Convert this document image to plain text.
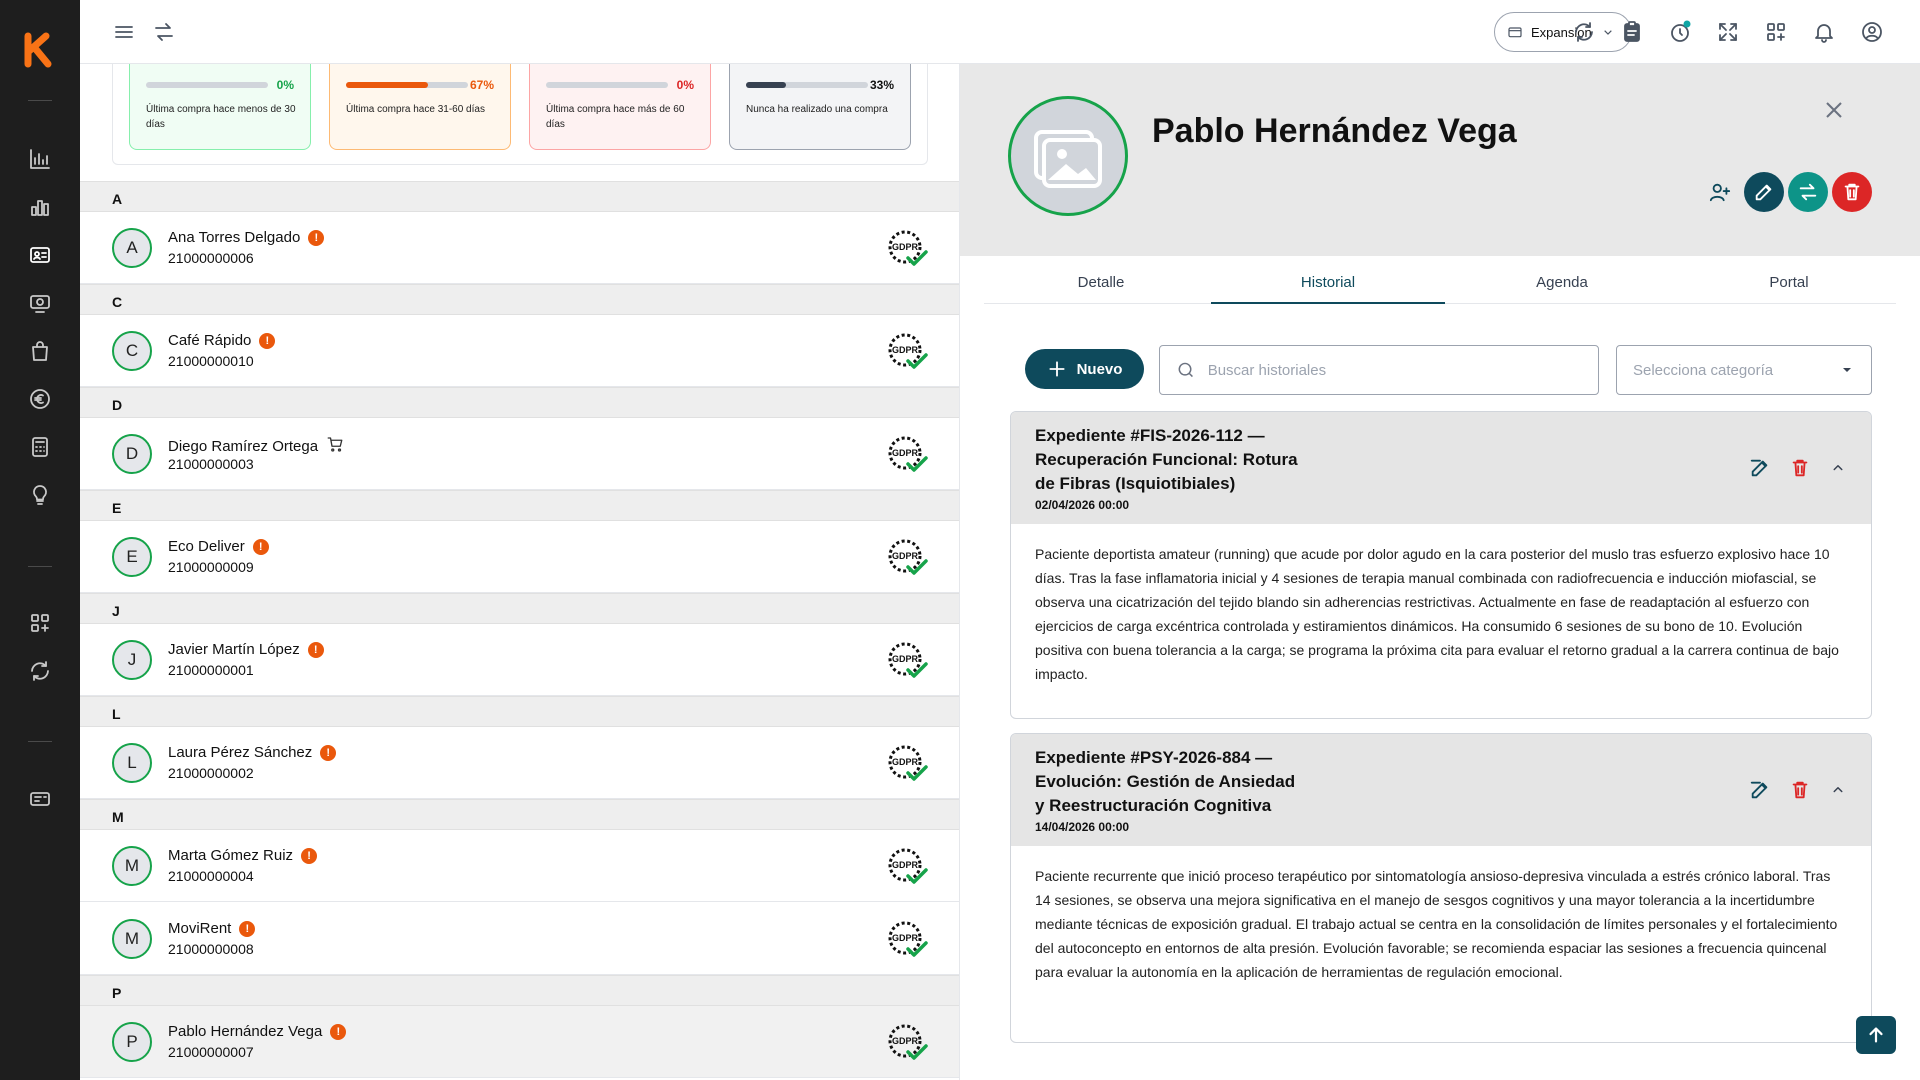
Expansion
0%
Última compra hace menos de 30 días
67%
Última compra hace 31-60 días
0%
Última compra hace más de 60 días
33%
Nunca ha realizado una compra
A
C
D
E
J
L
M
P
A
Ana Torres Delgado	!
21000000006
GDPR
C
Café Rápido	!
21000000010
GDPR
D	Diego Ramírez Ortega
21000000003
GDPR
E
Eco Deliver	!
21000000009
GDPR
J
Javier Martín López	!
21000000001
GDPR
L
Laura Pérez Sánchez	!
21000000002
GDPR
M
Marta Gómez Ruiz	!
21000000004
GDPR
M
MoviRent	!
21000000008
GDPR
P
Pablo Hernández Vega	!
21000000007
GDPR
Pablo Hernández Vega
Detalle	Historial	Agenda	Portal
Nuevo
Buscar historiales	Selecciona categoría
Expediente #FIS-2026-112 — Recuperación Funcional: Rotura de Fibras (Isquiotibiales)
02/04/2026 00:00
Paciente deportista amateur (running) que acude por dolor agudo en la cara posterior del muslo tras esfuerzo explosivo hace 10 días. Tras la fase inflamatoria inicial y 4 sesiones de terapia manual combinada con radiofrecuencia e inducción miofascial, se observa una cicatrización del tejido blando sin adherencias restrictivas. Actualmente en fase de readaptación al esfuerzo con ejercicios de carga excéntrica controlada y estiramientos dinámicos. Ha consumido 6 sesiones de su bono de 10. Evolución positiva con buena tolerancia a la carga; se programa la próxima cita para evaluar el retorno gradual a la carrera continua de bajo impacto.
Expediente #PSY-2026-884 — Evolución: Gestión de Ansiedad y Reestructuración Cognitiva
14/04/2026 00:00
Paciente recurrente que inició proceso terapéutico por sintomatología ansioso-depresiva vinculada a estrés crónico laboral. Tras 14 sesiones, se observa una mejora significativa en el manejo de sesgos cognitivos y una mayor tolerancia a la incertidumbre mediante técnicas de exposición gradual. El trabajo actual se centra en la consolidación de límites personales y el fortalecimiento del autoconcepto en entornos de alta presión. Evolución favorable; se recomienda espaciar las sesiones a frecuencia quincenal para evaluar la autonomía en la aplicación de herramientas de regulación emocional.
